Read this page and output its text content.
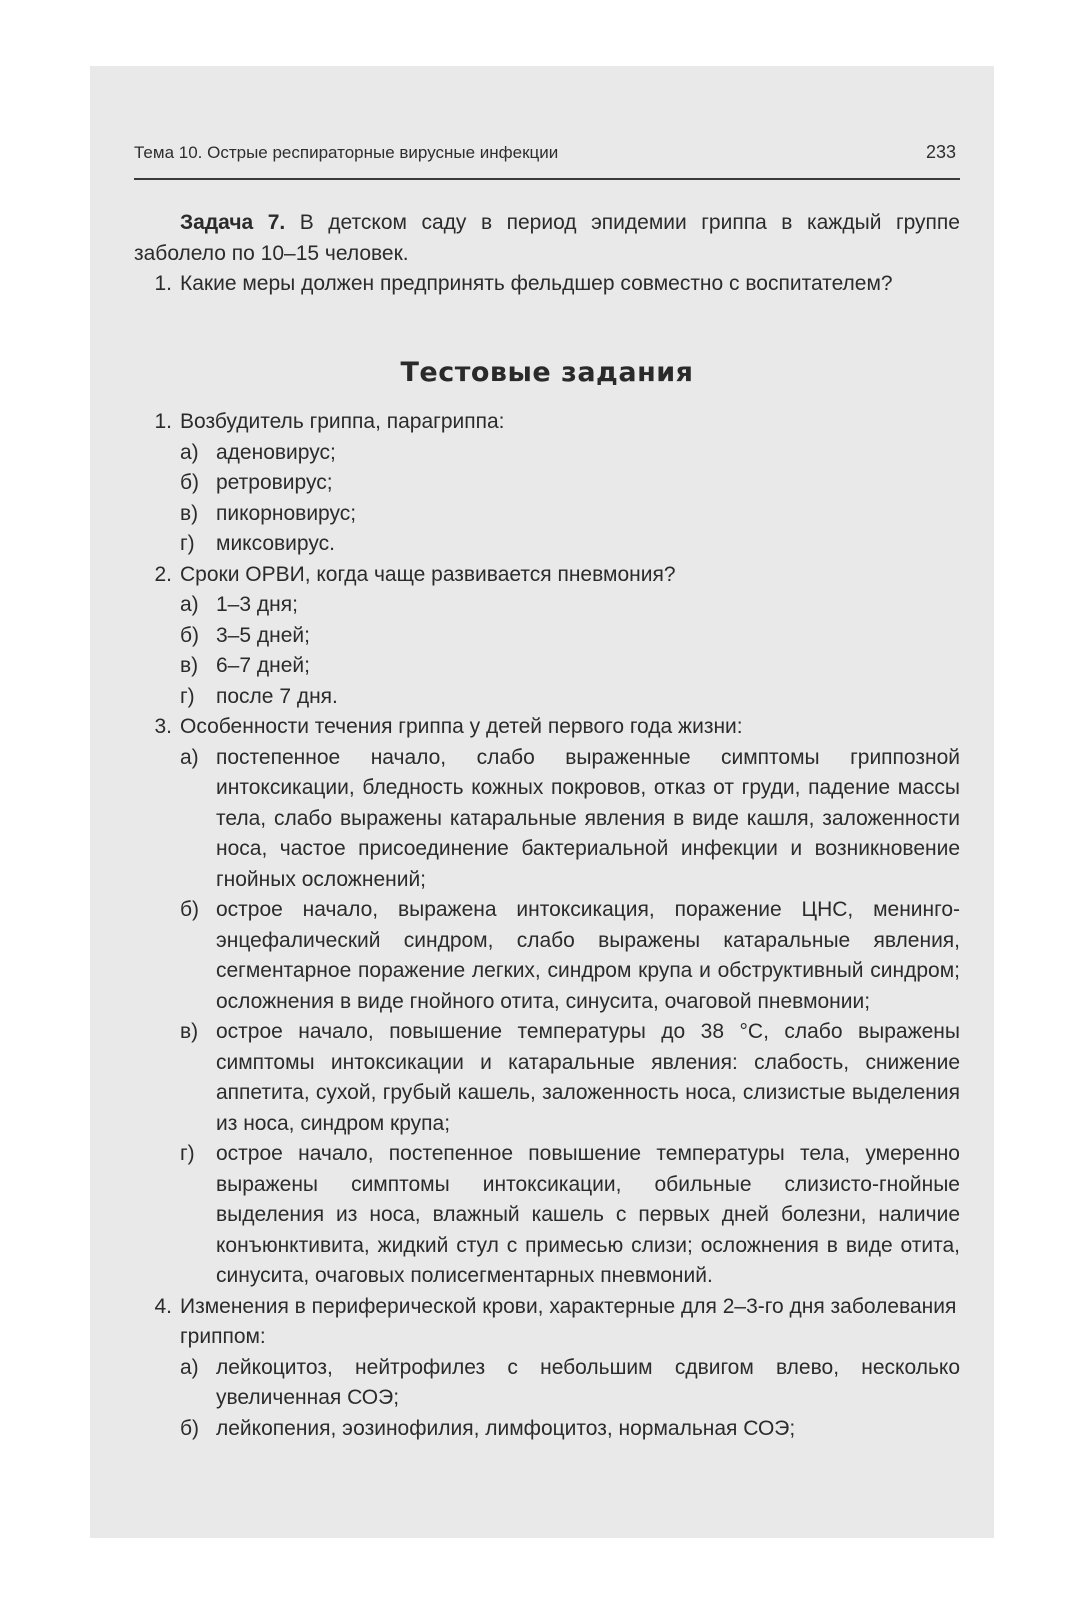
Тема 10. Острые респираторные вирусные инфекции	233

Задача 7. В детском саду в период эпидемии гриппа в каждый группе заболело по 10–15 человек.

1. Какие меры должен предпринять фельдшер совместно с воспитателем?
Тестовые задания
1. Возбудитель гриппа, парагриппа:
а) аденовирус;
б) ретровирус;
в) пикорновирус;
г)	миксовирус.
2. Сроки ОРВИ, когда чаще развивается пневмония?
а) 1–3 дня;
б) 3–5 дней;
в) 6–7 дней;
г)	после 7 дня.
3. Особенности течения гриппа у детей первого года жизни:
а) постепенное начало, слабо выраженные симптомы гриппозной интоксикации, бледность кожных покровов, отказ от груди, падение массы тела, слабо выражены катаральные явления в виде кашля, заложенности носа, частое присоединение бактериальной инфекции и возникновение гнойных осложнений;
б) острое начало, выражена интоксикация, поражение ЦНС, менинго-энцефалический синдром, слабо выражены катаральные явления, сегментарное поражение легких, синдром крупа и обструктивный синдром; осложнения в виде гнойного отита, синусита, очаговой пневмонии;
в) острое начало, повышение температуры до 38 °С, слабо выражены симптомы интоксикации и катаральные явления: слабость, снижение аппетита, сухой, грубый кашель, заложенность носа, слизистые выделения из носа, синдром крупа;
г)	острое начало, постепенное повышение температуры тела, умеренно выражены симптомы интоксикации, обильные слизисто-гнойные выделения из носа, влажный кашель с первых дней болезни, наличие конъюнктивита, жидкий стул с примесью слизи; осложнения в виде отита, синусита, очаговых полисегментарных пневмоний.
4. Изменения в периферической крови, характерные для 2–3-го дня заболевания гриппом:
а) лейкоцитоз, нейтрофилез с небольшим сдвигом влево, несколько увеличенная СОЭ;
б) лейкопения, эозинофилия, лимфоцитоз, нормальная СОЭ;
